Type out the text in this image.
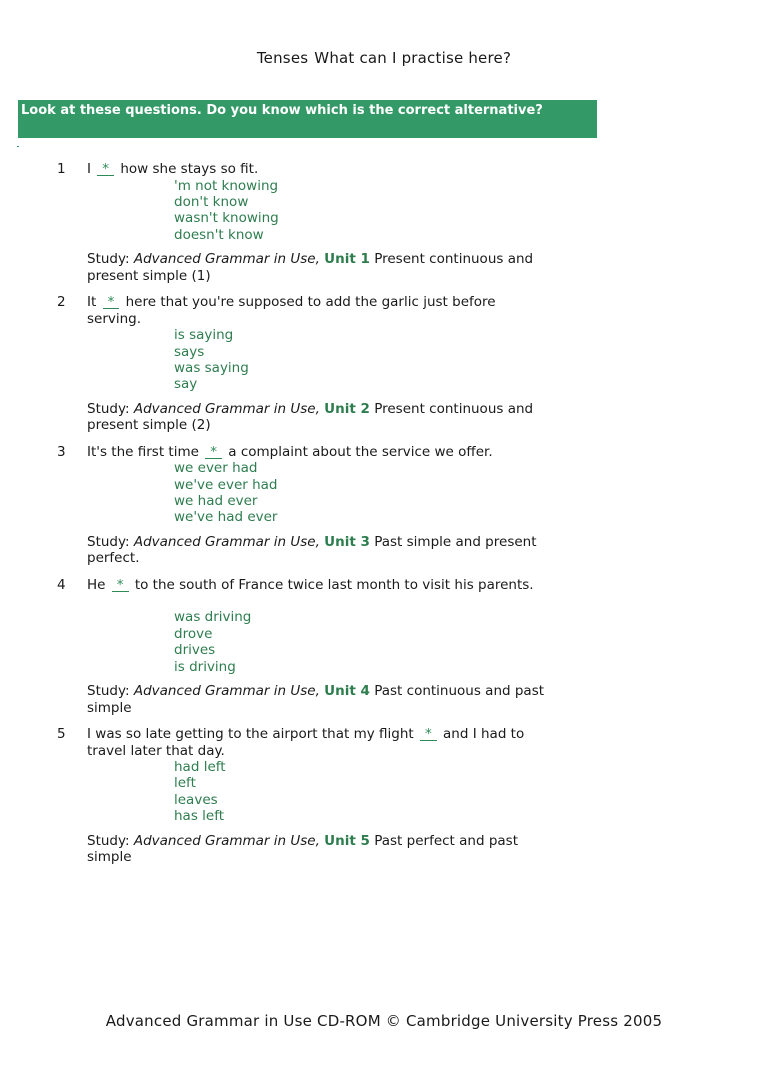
Tenses What can I practise here?
Look at these questions. Do you know which is the correct alternative?
1	I * how she stays so fit.
'm not knowing
don't know
wasn't knowing
doesn't know
Study: Advanced Grammar in Use, Unit 1 Present continuous and present simple (1)
2	It * here that you're supposed to add the garlic just before serving.
is saying
says
was saying
say
Study: Advanced Grammar in Use, Unit 2 Present continuous and present simple (2)
3	It's the first time * a complaint about the service we offer.
we ever had
we've ever had
we had ever
we've had ever
Study: Advanced Grammar in Use, Unit 3 Past simple and present perfect.
4	He * to the south of France twice last month to visit his parents.
was driving
drove
drives
is driving
Study: Advanced Grammar in Use, Unit 4 Past continuous and past simple
5	I was so late getting to the airport that my flight * and I had to travel later that day.
had left
left
leaves
has left
Study: Advanced Grammar in Use, Unit 5 Past perfect and past simple
Advanced Grammar in Use CD-ROM © Cambridge University Press 2005
